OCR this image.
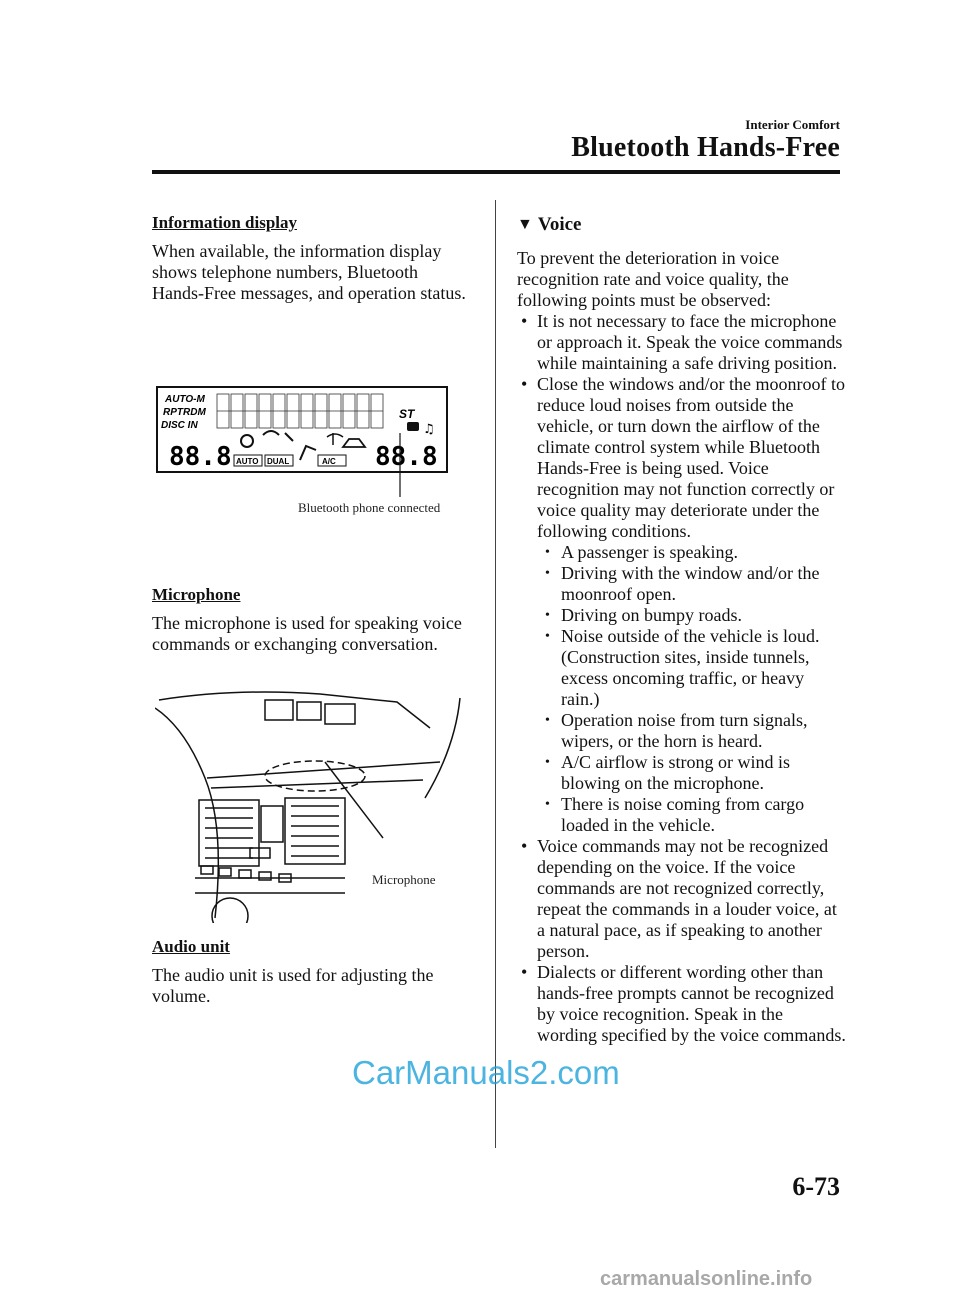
Interior Comfort
Bluetooth Hands-Free
Information display
When available, the information display shows telephone numbers, Bluetooth Hands-Free messages, and operation status.
AUTO-M
RPTRDM
DISC IN
ST
♫
88.8 AUTO DUAL	A/C 88.8
Bluetooth phone connected
Microphone
The microphone is used for speaking voice commands or exchanging conversation.
Microphone
Audio unit
The audio unit is used for adjusting the volume.
▼ Voice
To prevent the deterioration in voice recognition rate and voice quality, the following points must be observed:
• It is not necessary to face the microphone or approach it. Speak the voice commands while maintaining a safe driving position.
• Close the windows and/or the moonroof to reduce loud noises from outside the vehicle, or turn down the airflow of the climate control system while Bluetooth Hands-Free is being used. Voice recognition may not function correctly or voice quality may deteriorate under the following conditions.
• A passenger is speaking.
• Driving with the window and/or the moonroof open.
• Driving on bumpy roads.
• Noise outside of the vehicle is loud. (Construction sites, inside tunnels, excess oncoming traffic, or heavy rain.)
• Operation noise from turn signals, wipers, or the horn is heard.
• A/C airflow is strong or wind is blowing on the microphone.
• There is noise coming from cargo loaded in the vehicle.
• Voice commands may not be recognized depending on the voice. If the voice commands are not recognized correctly, repeat the commands in a louder voice, at a natural pace, as if speaking to another person.
• Dialects or different wording other than hands-free prompts cannot be recognized by voice recognition. Speak in the wording specified by the voice commands.
6-73
CarManuals2.com
carmanualsonline.info
